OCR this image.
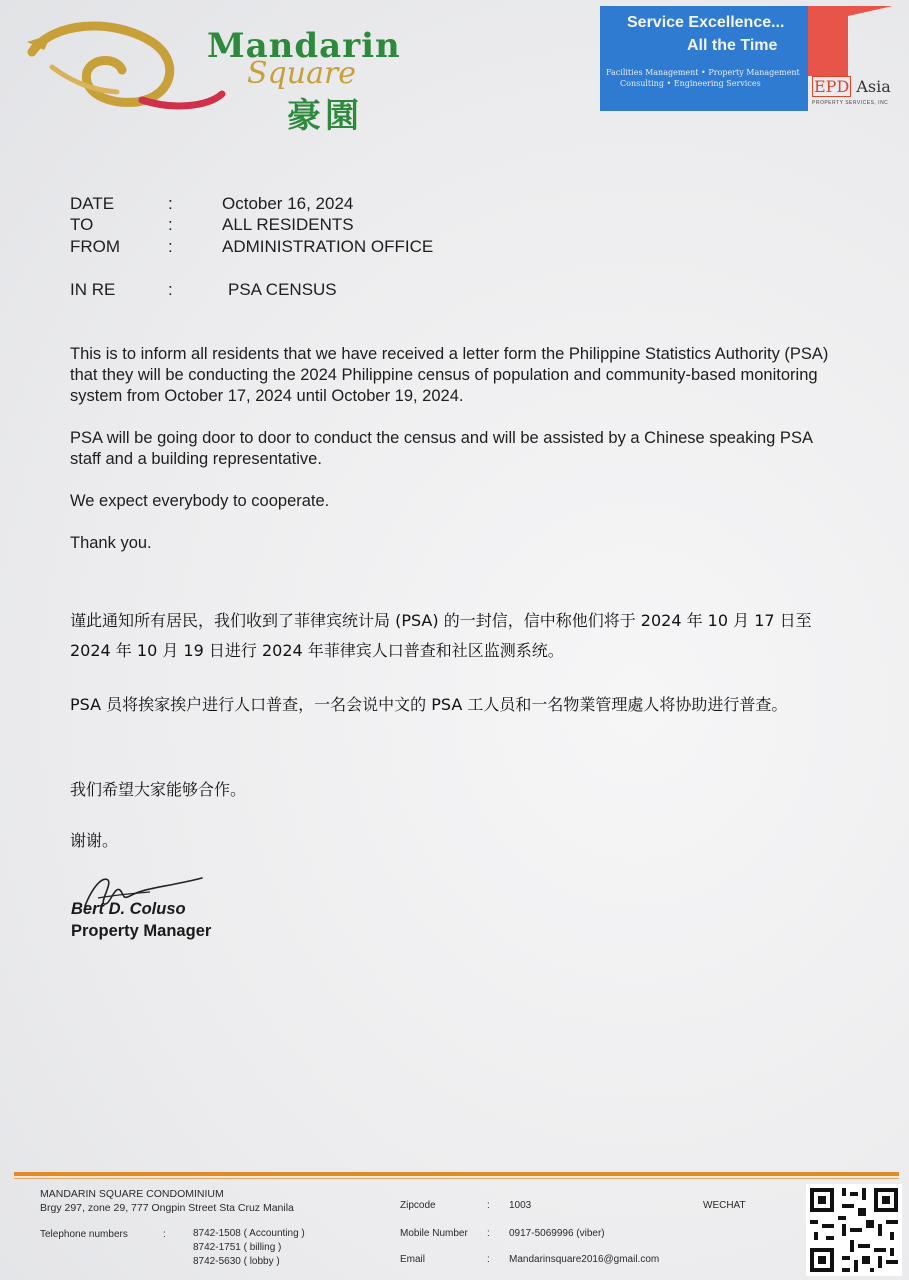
Mandarin
Square
豪園
Service Excellence...
All the Time
Facilities Management • Property Management
Consulting • Engineering Services	EPD Asia
PROPERTY SERVICES, INC
DATE	:	October 16, 2024
TO	:	ALL RESIDENTS
FROM	:	ADMINISTRATION OFFICE
IN RE	:	PSA CENSUS
This is to inform all residents that we have received a letter form the Philippine Statistics Authority (PSA) that they will be conducting the 2024 Philippine census of population and community-based monitoring system from October 17, 2024 until October 19, 2024.
PSA will be going door to door to conduct the census and will be assisted by a Chinese speaking PSA staff and a building representative.
We expect everybody to cooperate.
Thank you.
谨此通知所有居民，我们收到了菲律宾统计局 (PSA) 的一封信，信中称他们将于 2024 年 10 月 17 日至 2024 年 10 月 19 日进行 2024 年菲律宾人口普查和社区监测系统。
PSA 员将挨家挨户进行人口普查，一名会说中文的 PSA 工人员和一名物業管理處人将协助进行普查。
我们希望大家能够合作。
谢谢。
Bert D. Coluso
Property Manager
MANDARIN SQUARE CONDOMINIUM
Brgy 297, zone 29, 777 Ongpin Street Sta Cruz Manila
Telephone numbers	:	8742-1508 ( Accounting )
8742-1751 ( billing )
8742-5630 ( lobby )
Zipcode	: 1003
Mobile Number : 0917-5069996 (viber)
Email	: Mandarinsquare2016@gmail.com
WECHAT
